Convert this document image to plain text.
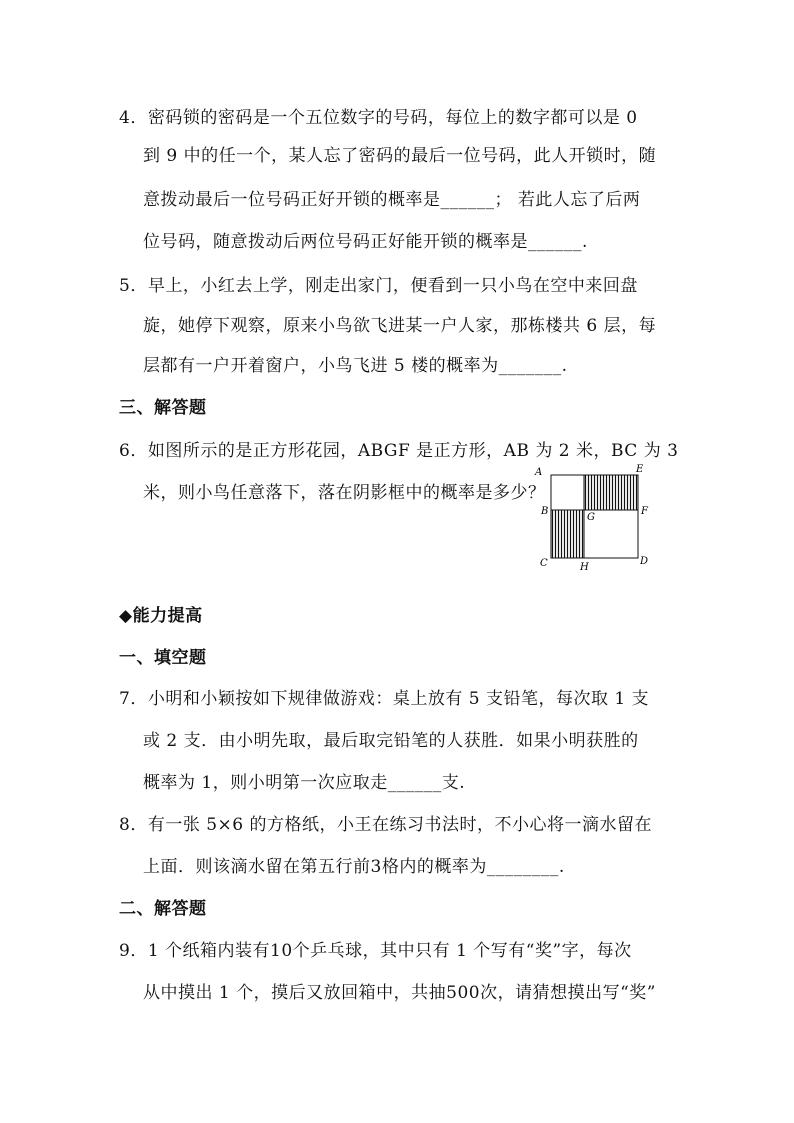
4．密码锁的密码是一个五位数字的号码，每位上的数字都可以是 0
到 9 中的任一个，某人忘了密码的最后一位号码，此人开锁时，随
意拨动最后一位号码正好开锁的概率是______； 若此人忘了后两
位号码，随意拨动后两位号码正好能开锁的概率是______.
5．早上，小红去上学，刚走出家门，便看到一只小鸟在空中来回盘
旋，她停下观察，原来小鸟欲飞进某一户人家，那栋楼共 6 层，每
层都有一户开着窗户，小鸟飞进 5 楼的概率为_______.
三、解答题
6．如图所示的是正方形花园，ABGF 是正方形，AB 为 2 米，BC 为 3
米，则小鸟任意落下，落在阴影框中的概率是多少？
A	E
B
G
F
C	H
D
◆能力提高
一、填空题
7．小明和小颖按如下规律做游戏：桌上放有 5 支铅笔，每次取 1 支
或 2 支．由小明先取，最后取完铅笔的人获胜．如果小明获胜的
概率为 1，则小明第一次应取走______支.
8．有一张 5×6 的方格纸，小王在练习书法时，不小心将一滴水留在
上面．则该滴水留在第五行前3格内的概率为________.
二、解答题
9．1 个纸箱内装有10个乒乓球，其中只有 1 个写有“奖”字，每次
从中摸出 1 个，摸后又放回箱中，共抽500次，请猜想摸出写“奖”
